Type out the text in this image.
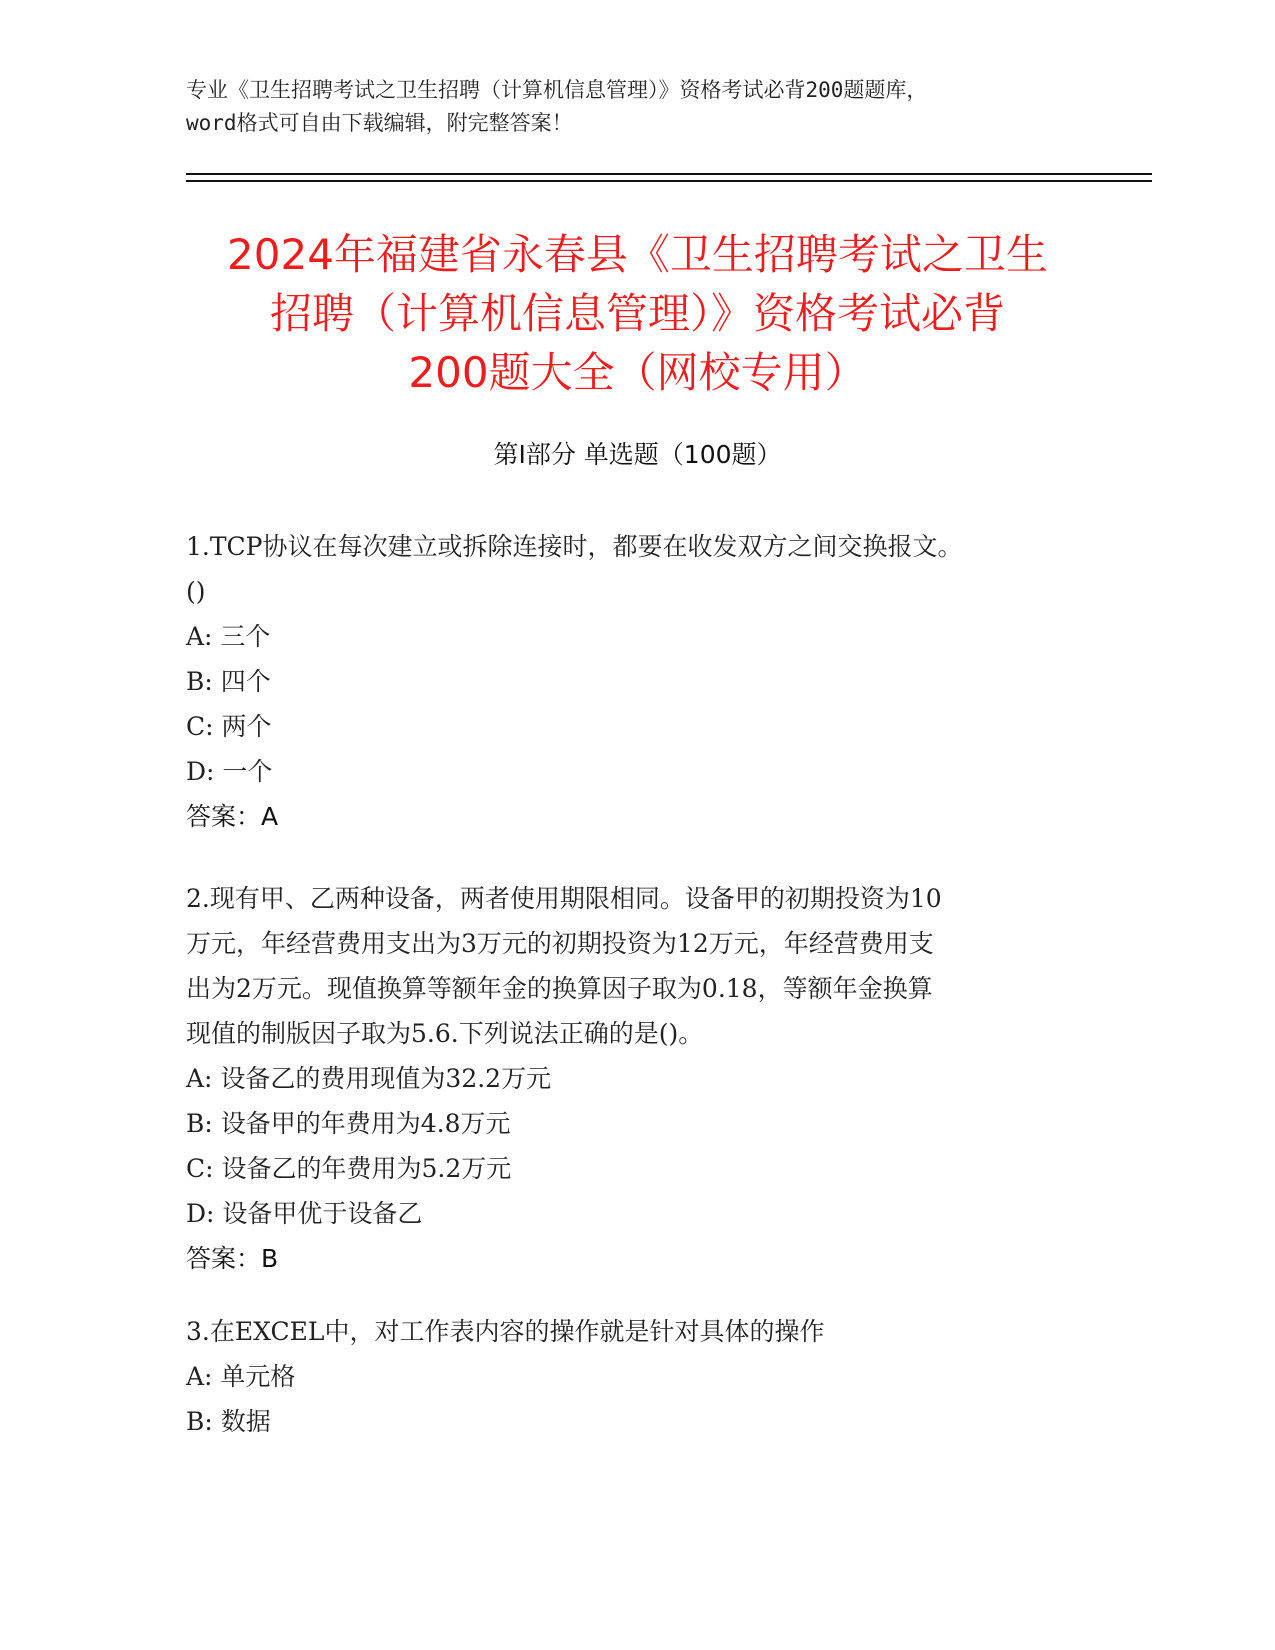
专业《卫生招聘考试之卫生招聘（计算机信息管理）》资格考试必背200题题库，
word格式可自由下载编辑，附完整答案！
2024年福建省永春县《卫生招聘考试之卫生
招聘（计算机信息管理）》资格考试必背
200题大全（网校专用）
第Ⅰ部分 单选题（100题）
1.TCP协议在每次建立或拆除连接时，都要在收发双方之间交换报文。
()
A: 三个
B: 四个
C: 两个
D: 一个
答案：A
2.现有甲、乙两种设备，两者使用期限相同。设备甲的初期投资为10
万元，年经营费用支出为3万元的初期投资为12万元，年经营费用支
出为2万元。现值换算等额年金的换算因子取为0.18，等额年金换算
现值的制版因子取为5.6.下列说法正确的是()。
A: 设备乙的费用现值为32.2万元
B: 设备甲的年费用为4.8万元
C: 设备乙的年费用为5.2万元
D: 设备甲优于设备乙
答案：B
3.在EXCEL中，对工作表内容的操作就是针对具体的操作
A: 单元格
B: 数据
